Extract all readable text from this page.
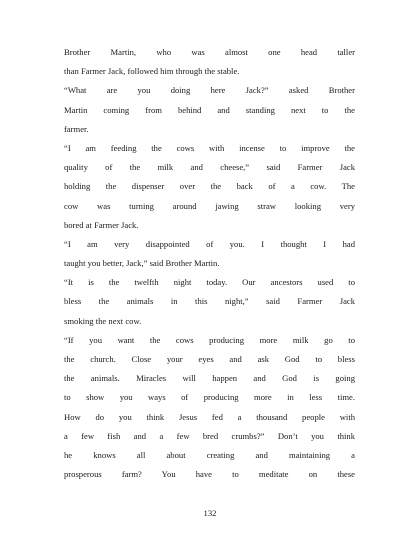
Brother Martin, who was almost one head taller
than Farmer Jack, followed him through the stable.
“What are you doing here Jack?” asked Brother
Martin coming from behind and standing next to the
farmer.
“I am feeding the cows with incense to improve the
quality of the milk and cheese,” said Farmer Jack
holding the dispenser over the back of a cow. The
cow was turning around jawing straw looking very
bored at Farmer Jack.
“I am very disappointed of you. I thought I had
taught you better, Jack,” said Brother Martin.
“It is the twelfth night today. Our ancestors used to
bless the animals in this night,” said Farmer Jack
smoking the next cow.
“If you want the cows producing more milk go to
the church. Close your eyes and ask God to bless
the animals. Miracles will happen and God is going
to show you ways of producing more in less time.
How do you think Jesus fed a thousand people with
a few fish and a few bred crumbs?” Don’t you think
he knows all about creating and maintaining a
prosperous farm? You have to meditate on these
132
